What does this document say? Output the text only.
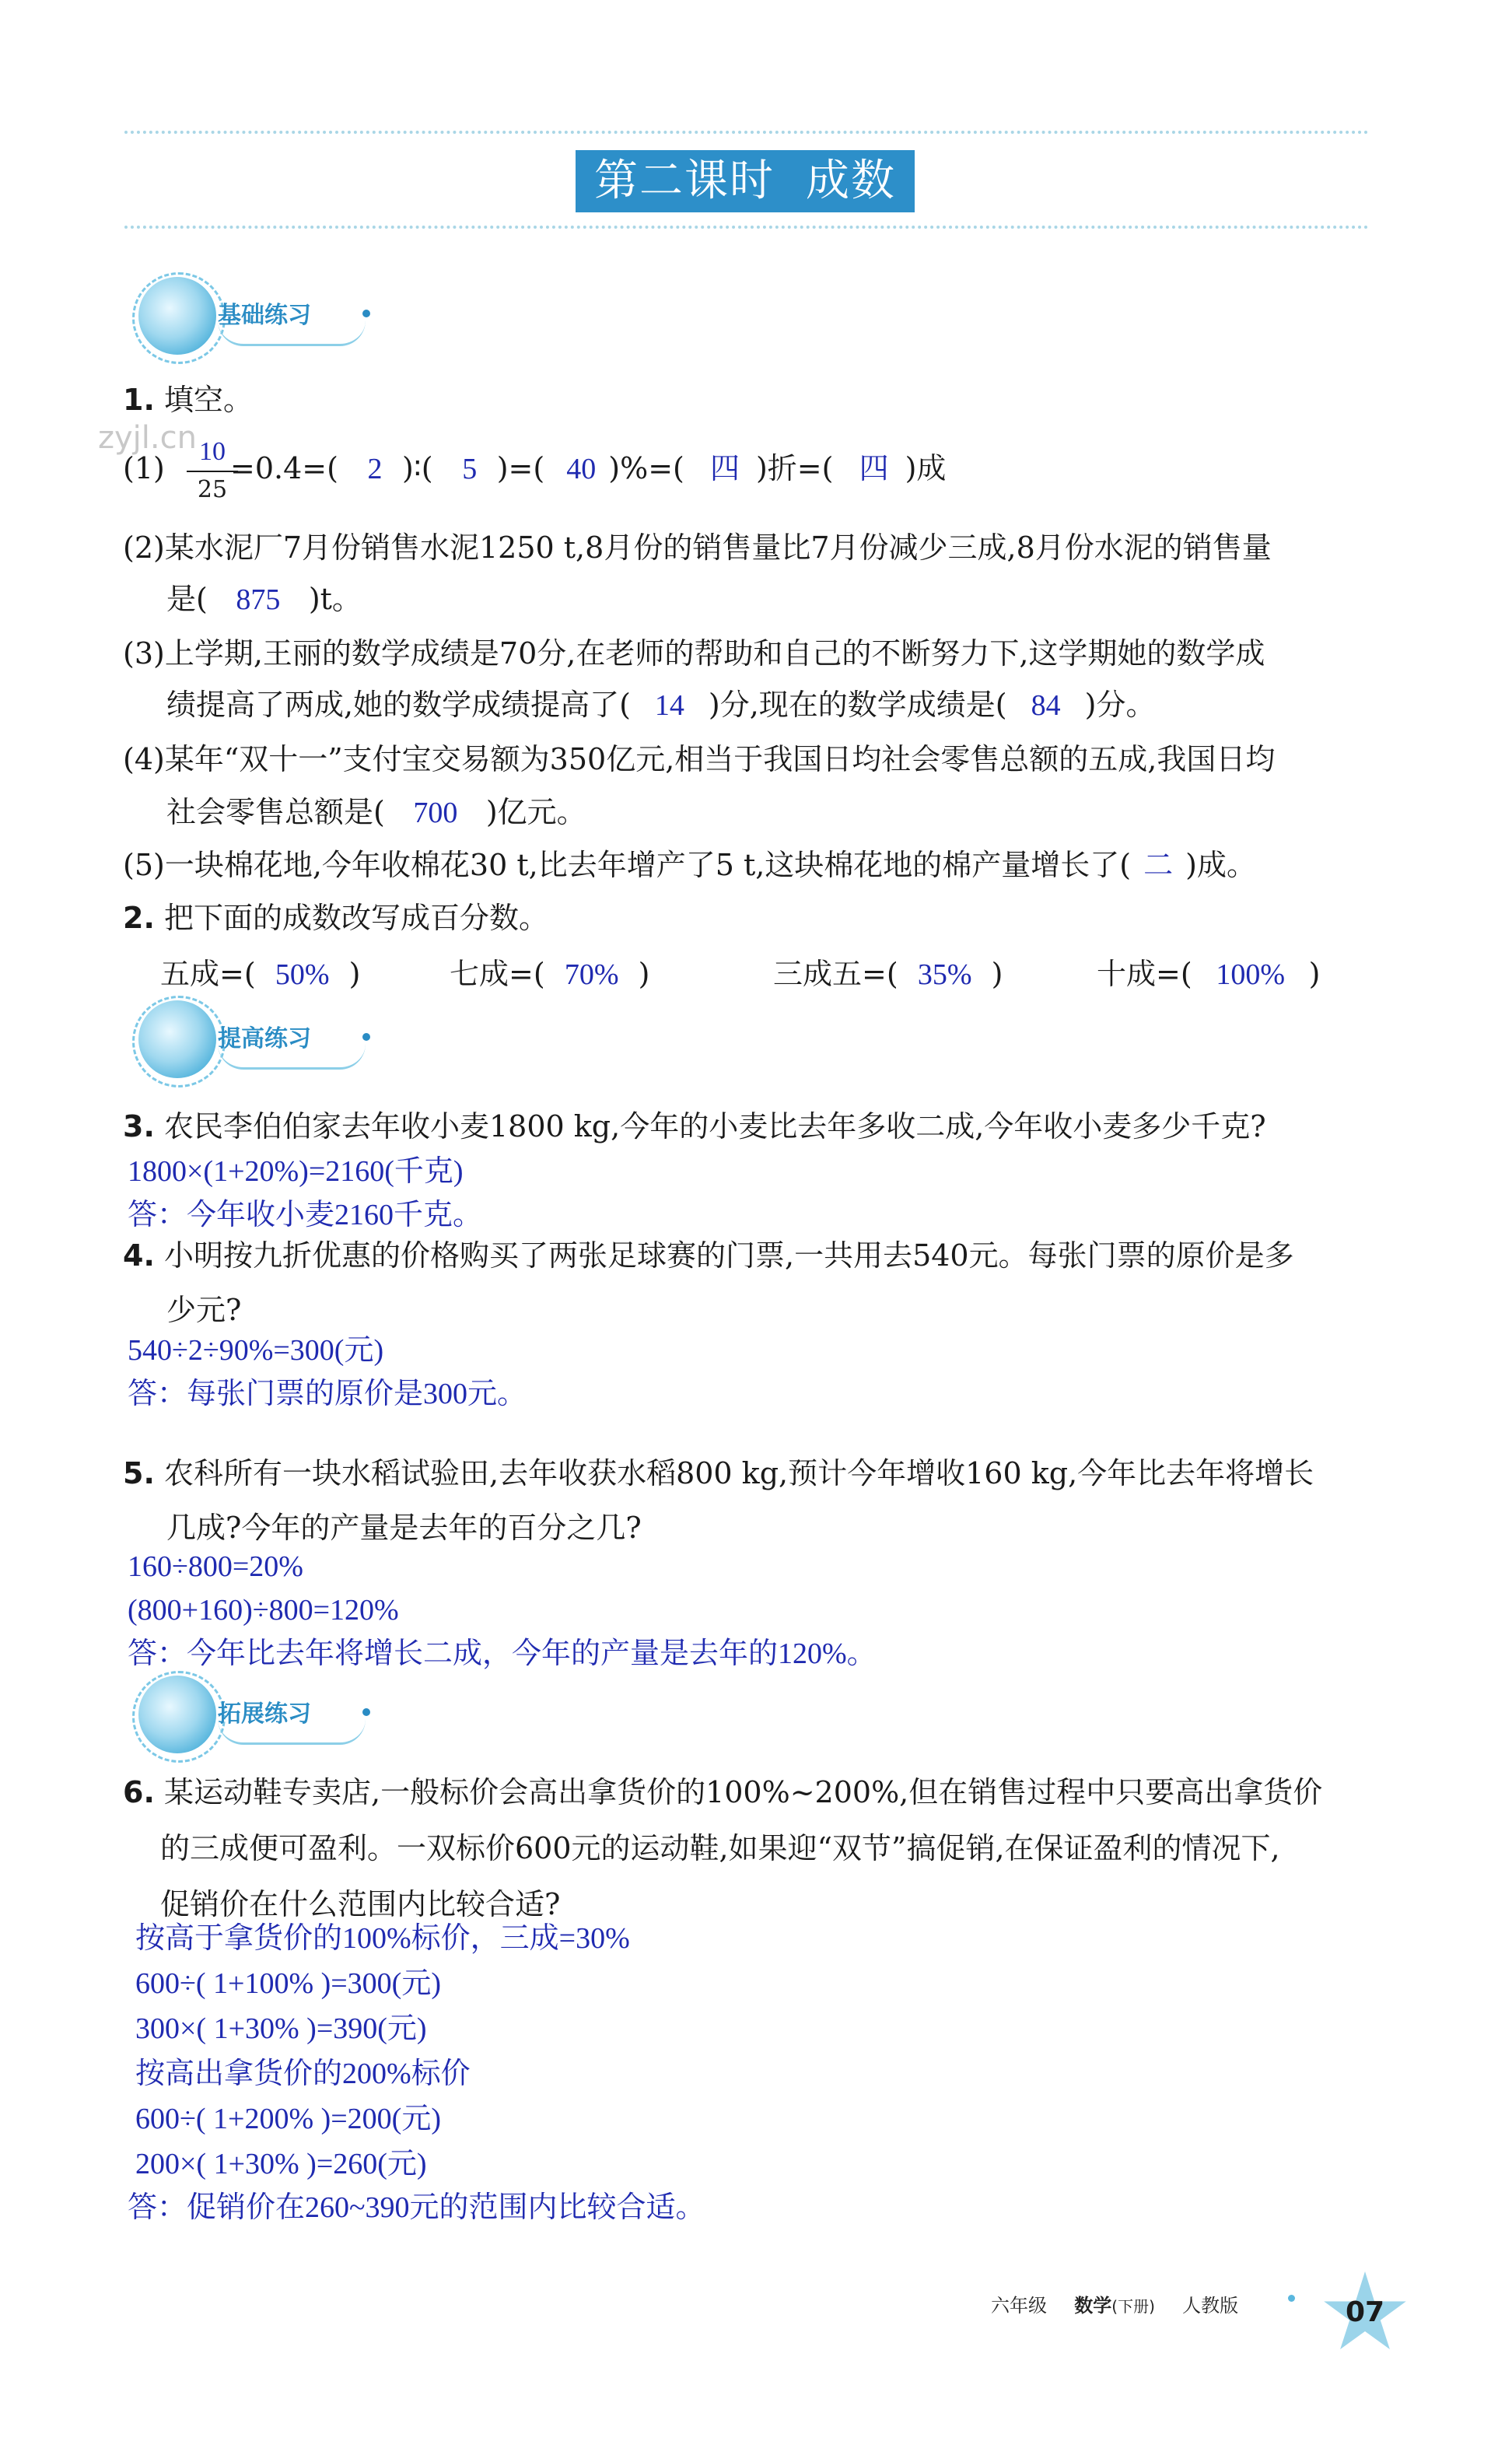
第二课时 成数
基础练习
1. 填空。
zyjl.cn
(1) =0.4=( 2 )∶( 5 )=( 40 )%=( 四 )折=( 四 )成
10
25
(2)某水泥厂7月份销售水泥1250 t,8月份的销售量比7月份减少三成,8月份水泥的销售量
是( 875 )t。
(3)上学期,王丽的数学成绩是70分,在老师的帮助和自己的不断努力下,这学期她的数学成
绩提高了两成,她的数学成绩提高了( 14 )分,现在的数学成绩是( 84 )分。
(4)某年“双十一”支付宝交易额为350亿元,相当于我国日均社会零售总额的五成,我国日均
社会零售总额是( 700 )亿元。
(5)一块棉花地,今年收棉花30 t,比去年增产了5 t,这块棉花地的棉产量增长了( 二 )成。
2. 把下面的成数改写成百分数。
五成=( 50% )	七成=( 70% )	三成五=( 35% )	十成=( 100% )
提高练习
3. 农民李伯伯家去年收小麦1800 kg,今年的小麦比去年多收二成,今年收小麦多少千克?
1800×(1+20%)=2160(千克)
答：今年收小麦2160千克。
4. 小明按九折优惠的价格购买了两张足球赛的门票,一共用去540元。每张门票的原价是多
少元?
540÷2÷90%=300(元)
答：每张门票的原价是300元。
5. 农科所有一块水稻试验田,去年收获水稻800 kg,预计今年增收160 kg,今年比去年将增长
几成?今年的产量是去年的百分之几?
160÷800=20%
(800+160)÷800=120%
答：今年比去年将增长二成，今年的产量是去年的120%。
拓展练习
6. 某运动鞋专卖店,一般标价会高出拿货价的100%~200%,但在销售过程中只要高出拿货价
的三成便可盈利。一双标价600元的运动鞋,如果迎“双节”搞促销,在保证盈利的情况下,
促销价在什么范围内比较合适?
按高于拿货价的100%标价，三成=30%
600÷( 1+100% )=300(元)
300×( 1+30% )=390(元)
按高出拿货价的200%标价
600÷( 1+200% )=200(元)
200×( 1+30% )=260(元)
答：促销价在260~390元的范围内比较合适。
六年级 数学(下册) 人教版	07
